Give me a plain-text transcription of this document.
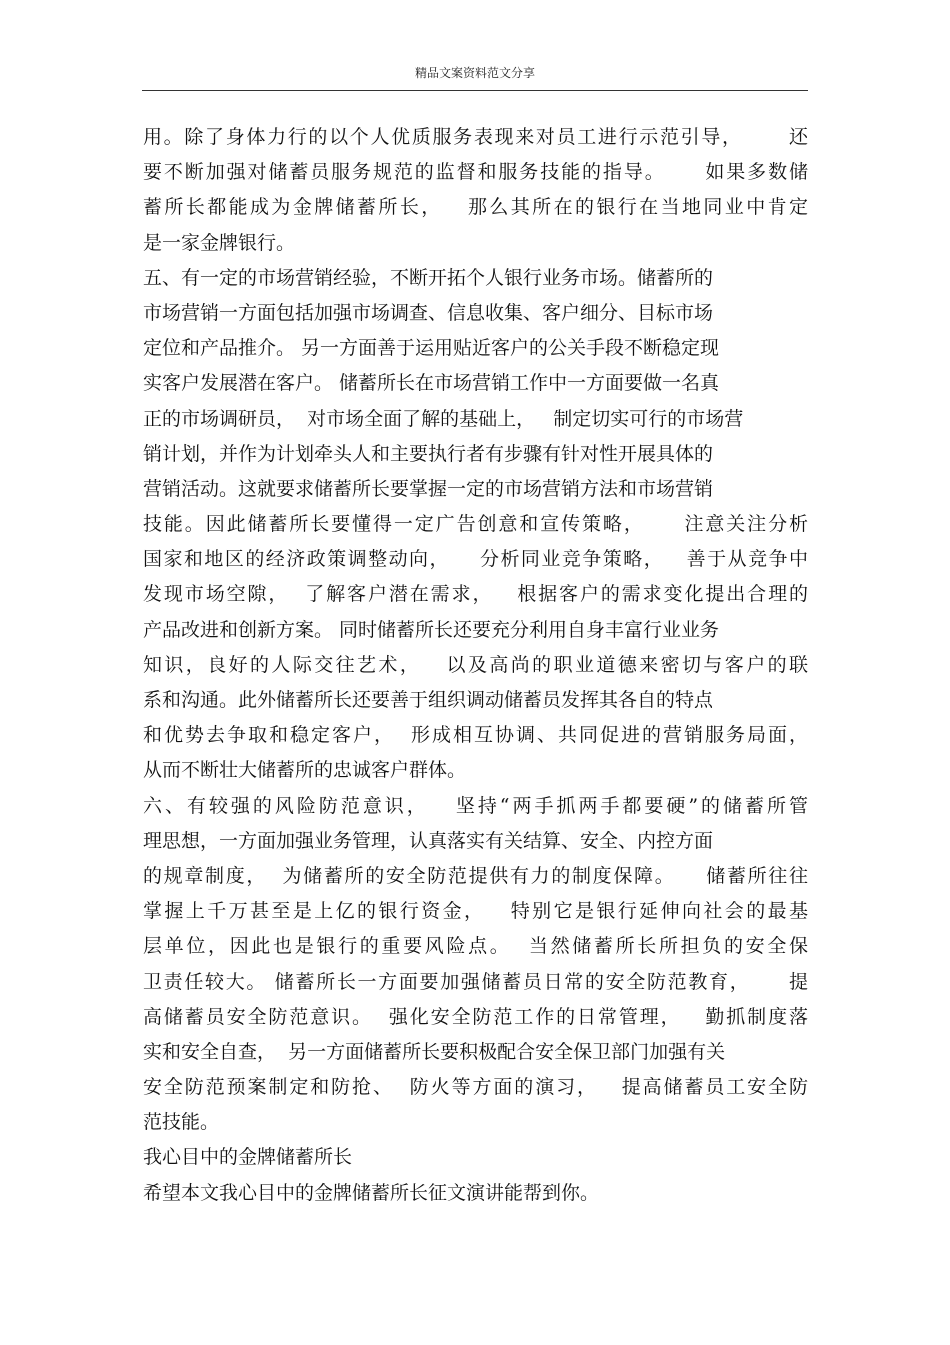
精品文案资料范文分享
用。除了身体力行的以个人优质服务表现来对员工进行示范引导，      还
要不断加强对储蓄员服务规范的监督和服务技能的指导。     如果多数储
蓄所长都能成为金牌储蓄所长，   那么其所在的银行在当地同业中肯定
是一家金牌银行。
五、有一定的市场营销经验，不断开拓个人银行业务市场。储蓄所的
市场营销一方面包括加强市场调查、信息收集、客户细分、目标市场
定位和产品推介。 另一方面善于运用贴近客户的公关手段不断稳定现
实客户发展潜在客户。 储蓄所长在市场营销工作中一方面要做一名真
正的市场调研员，  对市场全面了解的基础上，   制定切实可行的市场营
销计划，并作为计划牵头人和主要执行者有步骤有针对性开展具体的
营销活动。这就要求储蓄所长要掌握一定的市场营销方法和市场营销
技能。因此储蓄所长要懂得一定广告创意和宣传策略，     注意关注分析
国家和地区的经济政策调整动向，    分析同业竞争策略，   善于从竞争中
发现市场空隙，  了解客户潜在需求，   根据客户的需求变化提出合理的
产品改进和创新方案。 同时储蓄所长还要充分利用自身丰富行业业务
知识，良好的人际交往艺术，   以及高尚的职业道德来密切与客户的联
系和沟通。此外储蓄所长还要善于组织调动储蓄员发挥其各自的特点
和优势去争取和稳定客户，  形成相互协调、共同促进的营销服务局面，
从而不断壮大储蓄所的忠诚客户群体。
六、有较强的风险防范意识，   坚持“两手抓两手都要硬”的储蓄所管
理思想，一方面加强业务管理，认真落实有关结算、安全、内控方面
的规章制度，  为储蓄所的安全防范提供有力的制度保障。    储蓄所往往
掌握上千万甚至是上亿的银行资金，   特别它是银行延伸向社会的最基
层单位，因此也是银行的重要风险点。  当然储蓄所长所担负的安全保
卫责任较大。 储蓄所长一方面要加强储蓄员日常的安全防范教育，     提
高储蓄员安全防范意识。  强化安全防范工作的日常管理，   勤抓制度落
实和安全自查，  另一方面储蓄所长要积极配合安全保卫部门加强有关
安全防范预案制定和防抢、  防火等方面的演习，   提高储蓄员工安全防
范技能。
我心目中的金牌储蓄所长
希望本文我心目中的金牌储蓄所长征文演讲能帮到你。
